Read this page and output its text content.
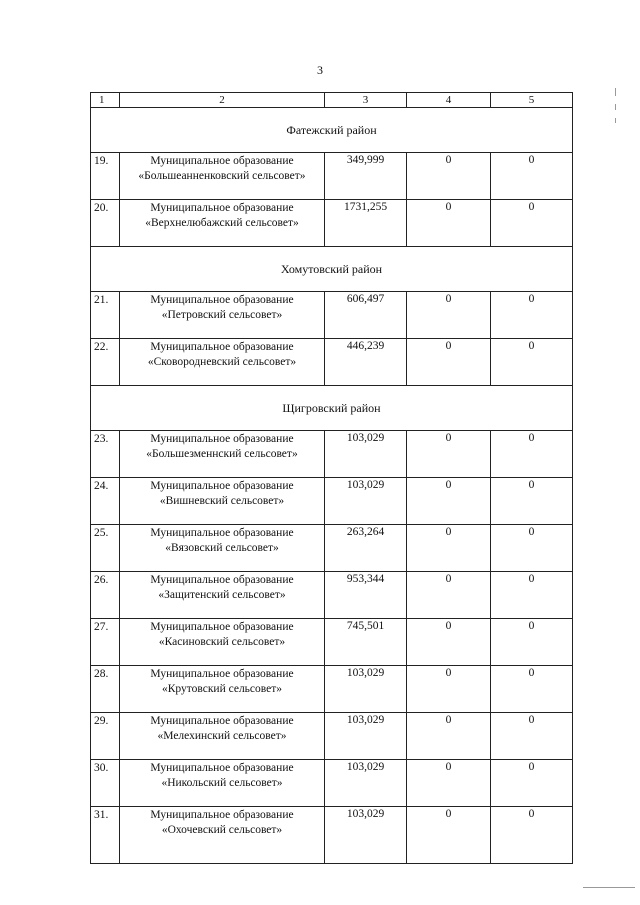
3
1	2	3	4	5
Фатежский район				
19.	Муниципальное образование
«Большеанненковский сельсовет»	349,999	0	0
20.	Муниципальное образование
«Верхнелюбажский сельсовет»	1731,255	0	0
Хомутовский район				
21.	Муниципальное образование
«Петровский сельсовет»	606,497	0	0
22.	Муниципальное образование
«Сковородневский сельсовет»	446,239	0	0
Щигровский район				
23.	Муниципальное образование
«Большезменнский сельсовет»	103,029	0	0
24.	Муниципальное образование
«Вишневский сельсовет»	103,029	0	0
25.	Муниципальное образование
«Вязовский сельсовет»	263,264	0	0
26.	Муниципальное образование
«Защитенский сельсовет»	953,344	0	0
27.	Муниципальное образование
«Касиновский сельсовет»	745,501	0	0
28.	Муниципальное образование
«Крутовский сельсовет»	103,029	0	0
29.	Муниципальное образование
«Мелехинский сельсовет»	103,029	0	0
30.	Муниципальное образование
«Никольский сельсовет»	103,029	0	0
31.	Муниципальное образование
«Охочевский сельсовет»	103,029	0	0
